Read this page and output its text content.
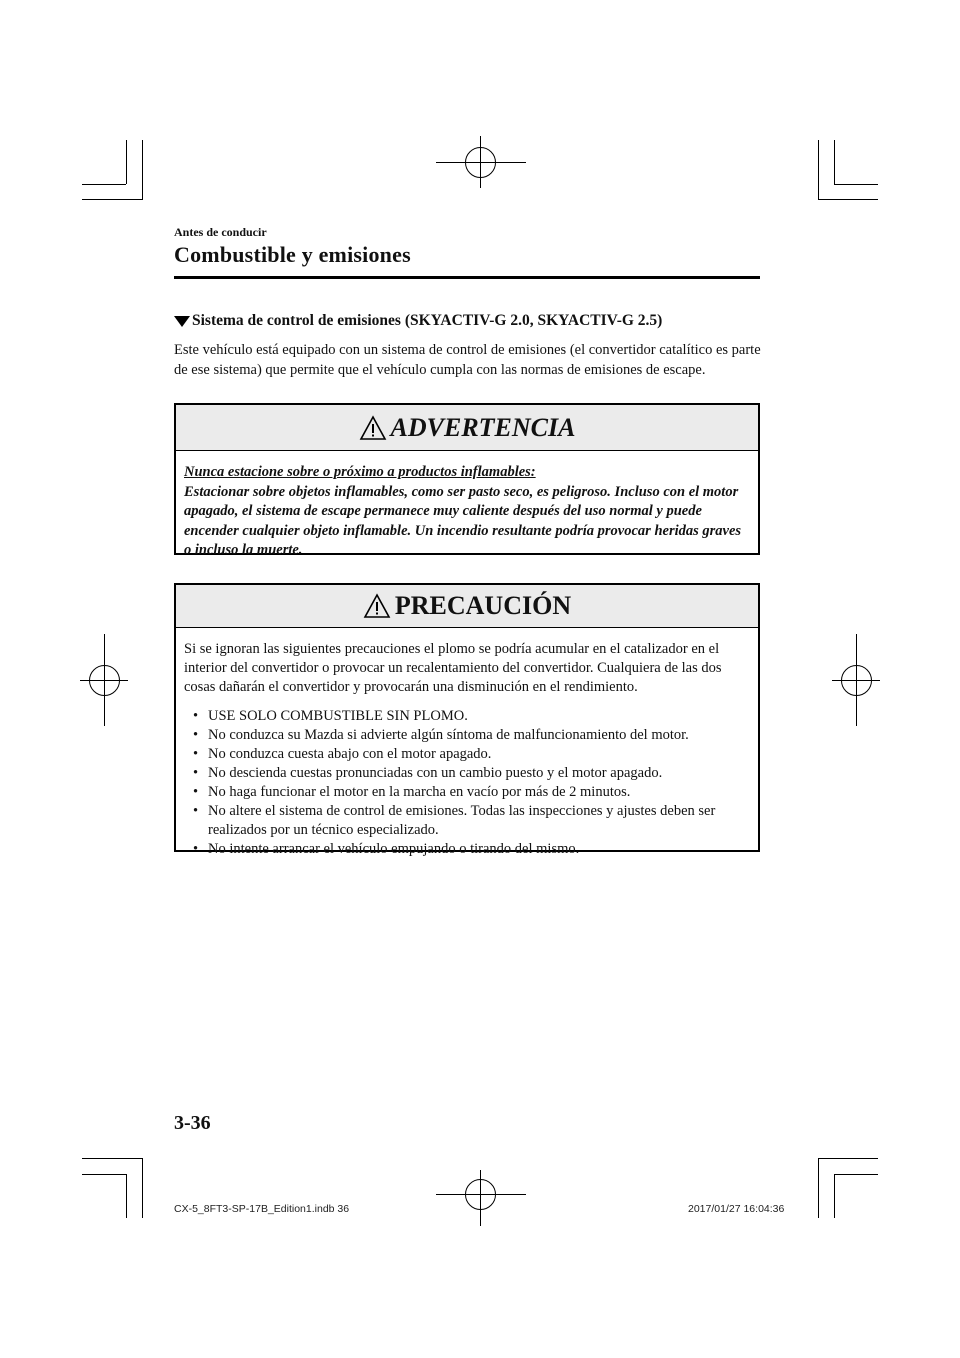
Antes de conducir
Combustible y emisiones
Sistema de control de emisiones (SKYACTIV-G 2.0, SKYACTIV-G 2.5)
Este vehículo está equipado con un sistema de control de emisiones (el convertidor catalítico es parte de ese sistema) que permite que el vehículo cumpla con las normas de emisiones de escape.
ADVERTENCIA
Nunca estacione sobre o próximo a productos inflamables:
Estacionar sobre objetos inflamables, como ser pasto seco, es peligroso. Incluso con el motor apagado, el sistema de escape permanece muy caliente después del uso normal y puede encender cualquier objeto inflamable. Un incendio resultante podría provocar heridas graves o incluso la muerte.
PRECAUCIÓN
Si se ignoran las siguientes precauciones el plomo se podría acumular en el catalizador en el interior del convertidor o provocar un recalentamiento del convertidor. Cualquiera de las dos cosas dañarán el convertidor y provocarán una disminución en el rendimiento.
• USE SOLO COMBUSTIBLE SIN PLOMO.
• No conduzca su Mazda si advierte algún síntoma de malfuncionamiento del motor.
• No conduzca cuesta abajo con el motor apagado.
• No descienda cuestas pronunciadas con un cambio puesto y el motor apagado.
• No haga funcionar el motor en la marcha en vacío por más de 2 minutos.
• No altere el sistema de control de emisiones. Todas las inspecciones y ajustes deben ser realizados por un técnico especializado.
• No intente arrancar el vehículo empujando o tirando del mismo.
3-36
CX-5_8FT3-SP-17B_Edition1.indb 36	2017/01/27 16:04:36
